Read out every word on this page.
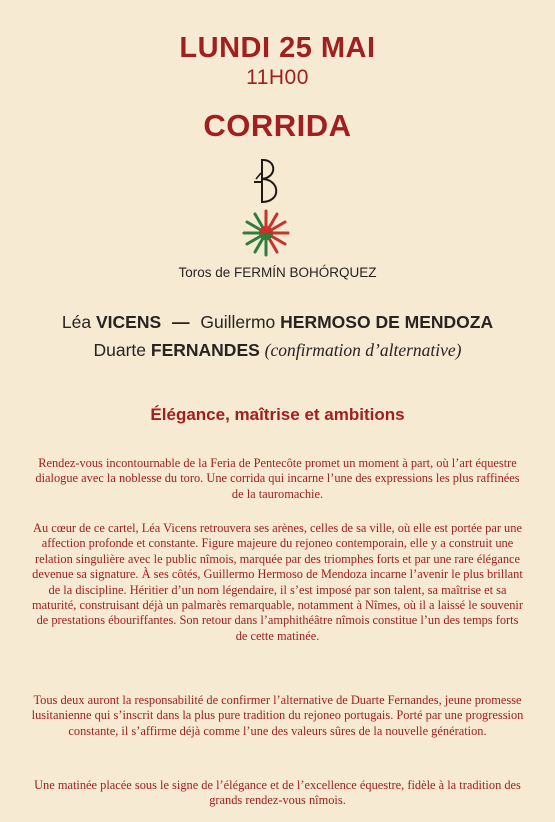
LUNDI 25 MAI
11H00
CORRIDA
Toros de FERMÍN BOHÓRQUEZ
Léa VICENS — Guillermo HERMOSO DE MENDOZA
Duarte FERNANDES (confirmation d’alternative)
Élégance, maîtrise et ambitions

Rendez-vous incontournable de la Feria de Pentecôte promet un moment à part, où l’art équestre dialogue avec la noblesse du toro. Une corrida qui incarne l’une des expressions les plus raffinées de la tauromachie.

Au cœur de ce cartel, Léa Vicens retrouvera ses arènes, celles de sa ville, où elle est portée par une affection profonde et constante. Figure majeure du rejoneo contemporain, elle y a construit une relation singulière avec le public nîmois, marquée par des triomphes forts et par une rare élégance devenue sa signature. À ses côtés, Guillermo Hermoso de Mendoza incarne l’avenir le plus brillant de la discipline. Héritier d’un nom légendaire, il s’est imposé par son talent, sa maîtrise et sa maturité, construisant déjà un palmarès remarquable, notamment à Nîmes, où il a laissé le souvenir de prestations ébouriffantes. Son retour dans l’amphithéâtre nîmois constitue l’un des temps forts de cette matinée.

Tous deux auront la responsabilité de confirmer l’alternative de Duarte Fernandes, jeune promesse lusitanienne qui s’inscrit dans la plus pure tradition du rejoneo portugais. Porté par une progression constante, il s’affirme déjà comme l’une des valeurs sûres de la nouvelle génération.

Une matinée placée sous le signe de l’élégance et de l’excellence équestre, fidèle à la tradition des grands rendez-vous nîmois.
